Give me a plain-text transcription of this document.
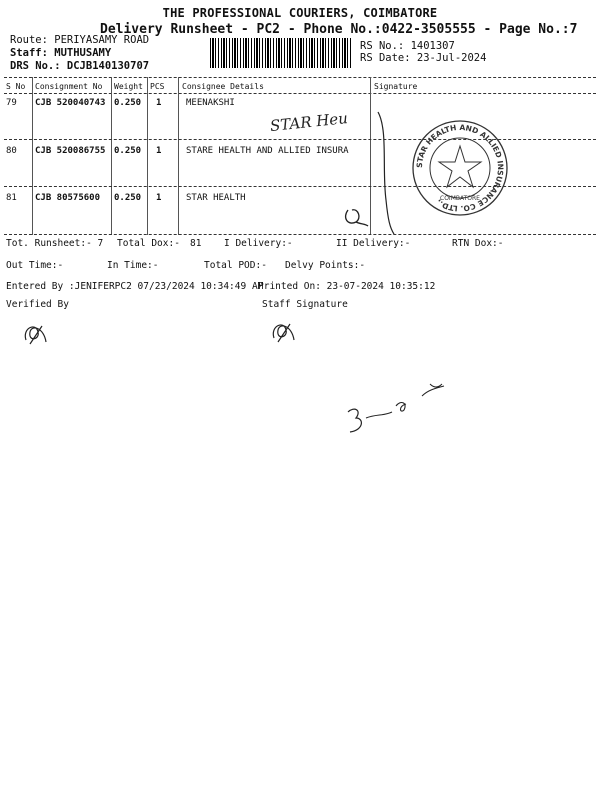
THE PROFESSIONAL COURIERS, COIMBATORE
Delivery Runsheet - PC2 - Phone No.:0422-3505555 - Page No.:7
Route: PERIYASAMY ROAD
Staff: MUTHUSAMY
DRS No.: DCJB140130707
RS No.: 1401307
RS Date: 23-Jul-2024
S No Consignment No Weight PCS Consignee Details	Signature
79 CJB 520040743 0.250 1	MEENAKSHI
80 CJB 520086755 0.250 1	STARE HEALTH AND ALLIED INSURA
81 CJB 80575600 0.250 1	STAR HEALTH
STAR Heu
STAR HEALTH AND ALLIED INSURANCE CO. LTD.,
COIMBATORE
Tot. Runsheet:- 7 Total Dox:- 81 I Delivery:-	II Delivery:-	RTN Dox:-
Out Time:-	In Time:-	Total POD:- Delvy Points:-
Entered By :JENIFERPC2 07/23/2024 10:34:49 AM
Printed On: 23-07-2024 10:35:12
Verified By	Staff Signature
